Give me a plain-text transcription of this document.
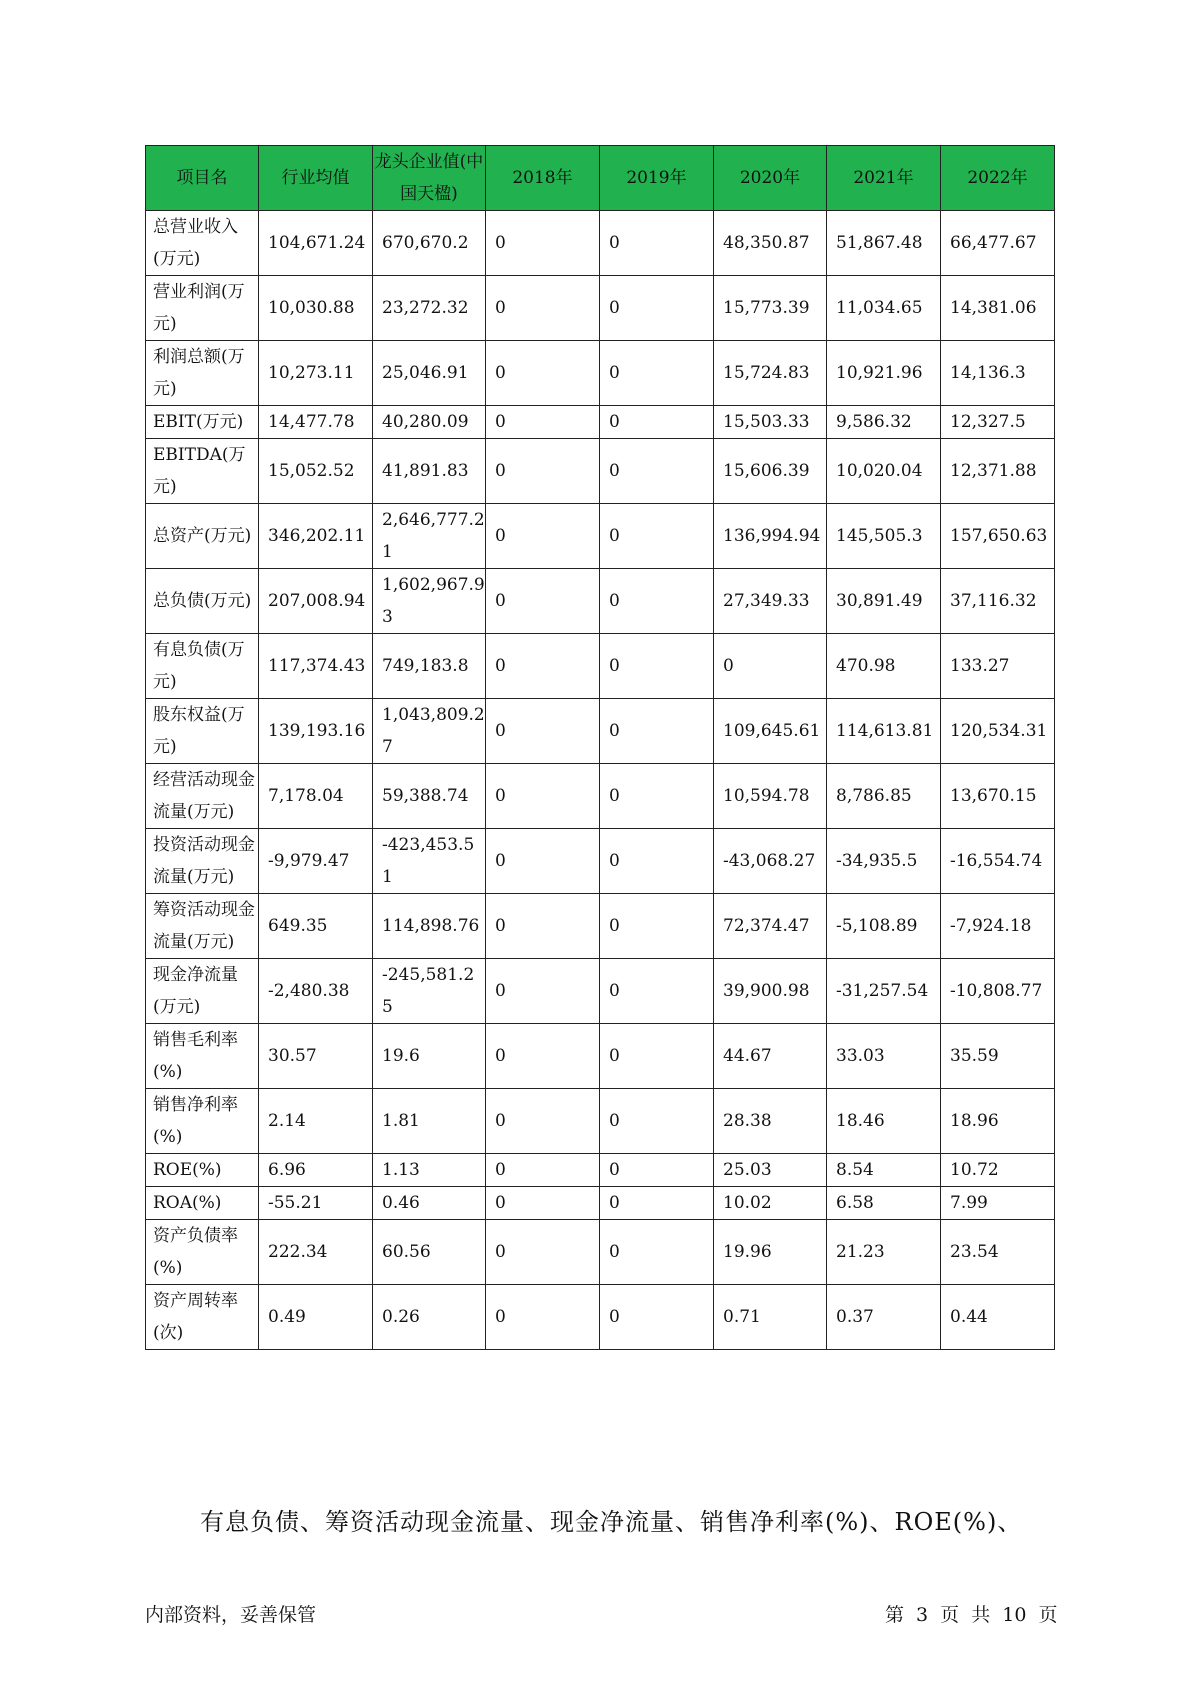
项目名	行业均值	龙头企业值(中国天楹)	2018年	2019年	2020年	2021年	2022年
总营业收入(万元)	104,671.24	670,670.2	0	0	48,350.87	51,867.48	66,477.67
营业利润(万元)	10,030.88	23,272.32	0	0	15,773.39	11,034.65	14,381.06
利润总额(万元)	10,273.11	25,046.91	0	0	15,724.83	10,921.96	14,136.3
EBIT(万元)	14,477.78	40,280.09	0	0	15,503.33	9,586.32	12,327.5
EBITDA(万元)	15,052.52	41,891.83	0	0	15,606.39	10,020.04	12,371.88
总资产(万元)	346,202.11	2,646,777.21	0	0	136,994.94	145,505.3	157,650.63
总负债(万元)	207,008.94	1,602,967.93	0	0	27,349.33	30,891.49	37,116.32
有息负债(万元)	117,374.43	749,183.8	0	0	0	470.98	133.27
股东权益(万元)	139,193.16	1,043,809.27	0	0	109,645.61	114,613.81	120,534.31
经营活动现金流量(万元)	7,178.04	59,388.74	0	0	10,594.78	8,786.85	13,670.15
投资活动现金流量(万元)	-9,979.47	-423,453.51	0	0	-43,068.27	-34,935.5	-16,554.74
筹资活动现金流量(万元)	649.35	114,898.76	0	0	72,374.47	-5,108.89	-7,924.18
现金净流量(万元)	-2,480.38	-245,581.25	0	0	39,900.98	-31,257.54	-10,808.77
销售毛利率(%)	30.57	19.6	0	0	44.67	33.03	35.59
销售净利率(%)	2.14	1.81	0	0	28.38	18.46	18.96
ROE(%)	6.96	1.13	0	0	25.03	8.54	10.72
ROA(%)	-55.21	0.46	0	0	10.02	6.58	7.99
资产负债率(%)	222.34	60.56	0	0	19.96	21.23	23.54
资产周转率(次)	0.49	0.26	0	0	0.71	0.37	0.44
有息负债、筹资活动现金流量、现金净流量、销售净利率(%)、ROE(%)、
内部资料，妥善保管	第 3 页 共 10 页
